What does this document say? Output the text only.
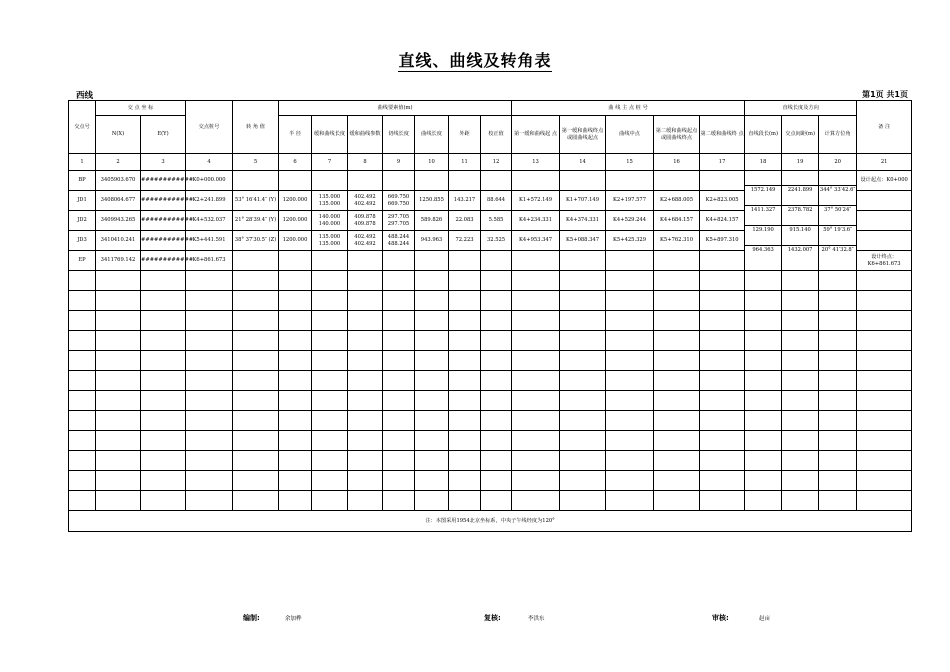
直线、曲线及转角表
西线	第1页 共1页
交点号	交 点 坐 标		交点桩号	转 角 值	曲线要素值(m)							曲 线 主 点 桩 号					直线长度及方向			备 注
	N(X)	E(Y)			半 径	缓和曲线长度	缓和曲线参数	切线长度	曲线长度	外距	校正值	第一缓和曲线起 点	第一缓和曲线终点或圆曲线起点	曲线中点	第二缓和曲线起点或圆曲线终点	第二缓和曲线终 点	直线段长(m)	交点间距(m)	计算方位角	
1	2	3	4	5	6	7	8	9	10	11	12	13	14	15	16	17	18	19	20	21
BP	3405903.670	############	K0+000.000														1572.149	2241.899	344° 33′42.6″	设计起点：K0+000
JD1	3408064.677	############	K2+241.899	53° 16′41.4″ (Y)	1200.000	135.000 135.000	402.492 402.492	669.750 669.750	1250.855	143.217	88.644	K1+572.149	K1+707.149	K2+197.577	K2+688.005	K2+823.005	1411.327	2378.782	37° 50′24″	

JD2	3409943.265	############	K4+532.037	21° 28′39.4″ (Y)	1200.000	140.000 140.000	409.878 409.878	297.705 297.705	589.826	22.083	5.585	K4+234.331	K4+374.331	K4+529.244	K4+684.157	K4+824.157	129.190	915.140	59° 19′3.6″	

JD3	3410410.241	############	K5+441.591	38° 37′30.5″ (Z)	1200.000	135.000 135.000	402.492 402.492	488.244 488.244	943.963	72.223	32.525	K4+953.347	K5+088.347	K5+425.329	K5+762.310	K5+897.310	964.363	1432.007	20° 41′32.8″	

EP	3411769.142	############	K6+861.673																	设计终点：K6+861.673

注：本图采用1954北京坐标系，中央子午线经度为120°																				
编制:	余加桦	复核:	李洪东	审核:	赵亩
